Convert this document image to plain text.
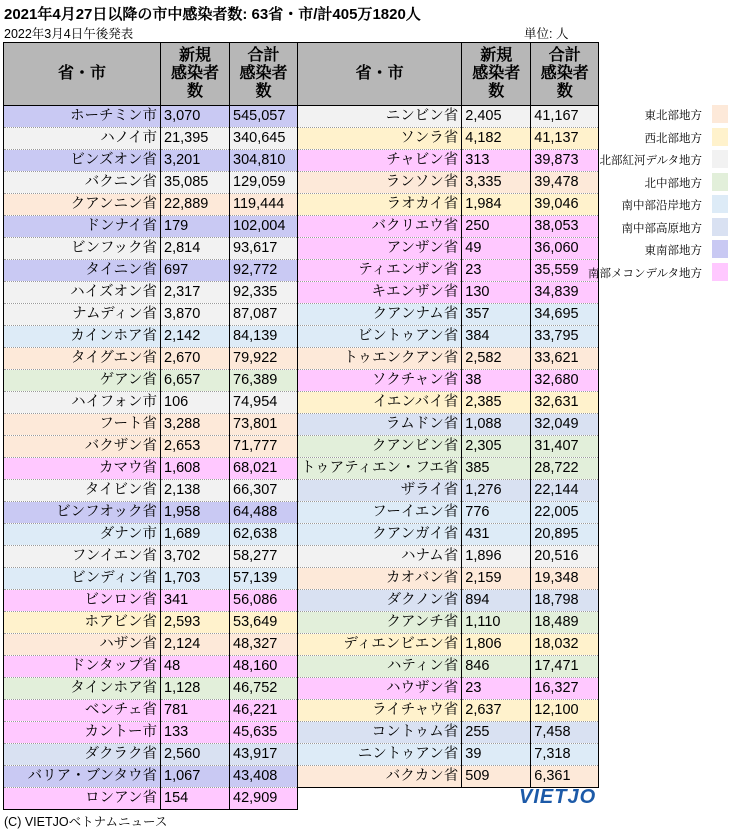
2021年4月27日以降の市中感染者数: 63省・市/計405万1820人
2022年3月4日午後発表	単位: 人
省・市	新規
感染者
数	合計
感染者
数
ホーチミン市	3,070	545,057
ハノイ市	21,395	340,645
ビンズオン省	3,201	304,810
バクニン省	35,085	129,059
クアンニン省	22,889	119,444
ドンナイ省	179	102,004
ビンフック省	2,814	93,617
タイニン省	697	92,772
ハイズオン省	2,317	92,335
ナムディン省	3,870	87,087
カインホア省	2,142	84,139
タイグエン省	2,670	79,922
ゲアン省	6,657	76,389
ハイフォン市	106	74,954
フート省	3,288	73,801
バクザン省	2,653	71,777
カマウ省	1,608	68,021
タイビン省	2,138	66,307
ビンフオック省	1,958	64,488
ダナン市	1,689	62,638
フンイエン省	3,702	58,277
ビンディン省	1,703	57,139
ビンロン省	341	56,086
ホアビン省	2,593	53,649
ハザン省	2,124	48,327
ドンタップ省	48	48,160
タインホア省	1,128	46,752
ベンチェ省	781	46,221
カントー市	133	45,635
ダクラク省	2,560	43,917
バリア・ブンタウ省	1,067	43,408
ロンアン省	154	42,909
省・市	新規
感染者
数	合計
感染者
数
ニンビン省	2,405	41,167
ソンラ省	4,182	41,137
チャビン省	313	39,873
ランソン省	3,335	39,478
ラオカイ省	1,984	39,046
バクリエウ省	250	38,053
アンザン省	49	36,060
ティエンザン省	23	35,559
キエンザン省	130	34,839
クアンナム省	357	34,695
ビントゥアン省	384	33,795
トゥエンクアン省	2,582	33,621
ソクチャン省	38	32,680
イエンバイ省	2,385	32,631
ラムドン省	1,088	32,049
クアンビン省	2,305	31,407
トゥアティエン・フエ省	385	28,722
ザライ省	1,276	22,144
フーイエン省	776	22,005
クアンガイ省	431	20,895
ハナム省	1,896	20,516
カオバン省	2,159	19,348
ダクノン省	894	18,798
クアンチ省	1,110	18,489
ディエンビエン省	1,806	18,032
ハティン省	846	17,471
ハウザン省	23	16,327
ライチャウ省	2,637	12,100
コントゥム省	255	7,458
ニントゥアン省	39	7,318
バクカン省	509	6,361
東北部地方
西北部地方
北部紅河デルタ地方
北中部地方
南中部沿岸地方
南中部高原地方
東南部地方
南部メコンデルタ地方
VIETJO
(C) VIETJOベトナムニュース
